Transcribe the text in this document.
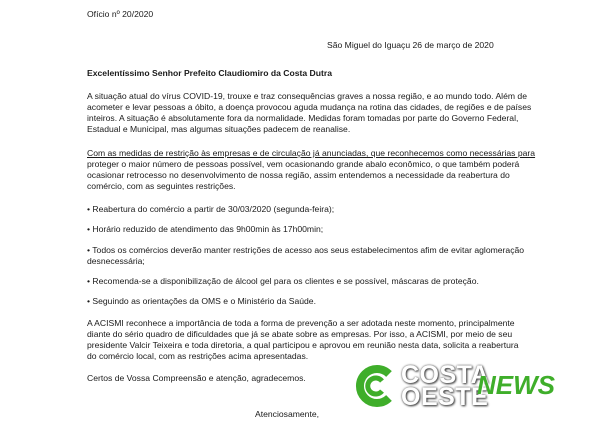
Ofício nº 20/2020
São Miguel do Iguaçu 26 de março de 2020
Excelentíssimo Senhor Prefeito Claudiomiro da Costa Dutra
A situação atual do vírus COVID-19, trouxe e traz consequências graves a nossa região, e ao mundo todo. Além de
acometer e levar pessoas a óbito, a doença provocou aguda mudança na rotina das cidades, de regiões e de países
inteiros. A situação é absolutamente fora da normalidade. Medidas foram tomadas por parte do Governo Federal,
Estadual e Municipal, mas algumas situações padecem de reanalise.
Com as medidas de restrição às empresas e de circulação já anunciadas, que reconhecemos como necessárias para
proteger o maior número de pessoas possível, vem ocasionando grande abalo econômico, o que também poderá
ocasionar retrocesso no desenvolvimento de nossa região, assim entendemos a necessidade da reabertura do
comércio, com as seguintes restrições.
• Reabertura do comércio a partir de 30/03/2020 (segunda-feira);
• Horário reduzido de atendimento das 9h00min às 17h00min;
• Todos os comércios deverão manter restrições de acesso aos seus estabelecimentos afim de evitar aglomeração
desnecessária;
• Recomenda-se a disponibilização de álcool gel para os clientes e se possível, máscaras de proteção.
• Seguindo as orientações da OMS e o Ministério da Saúde.
A ACISMI reconhece a importância de toda a forma de prevenção a ser adotada neste momento, principalmente
diante do sério quadro de dificuldades que já se abate sobre as empresas. Por isso, a ACISMI, por meio de seu
presidente Valcir Teixeira e toda diretoria, a qual participou e aprovou em reunião nesta data, solicita a reabertura
do comércio local, com as restrições acima apresentadas.
Certos de Vossa Compreensão e atenção, agradecemos.
Atenciosamente,
COSTA
OESTE
NEWS
